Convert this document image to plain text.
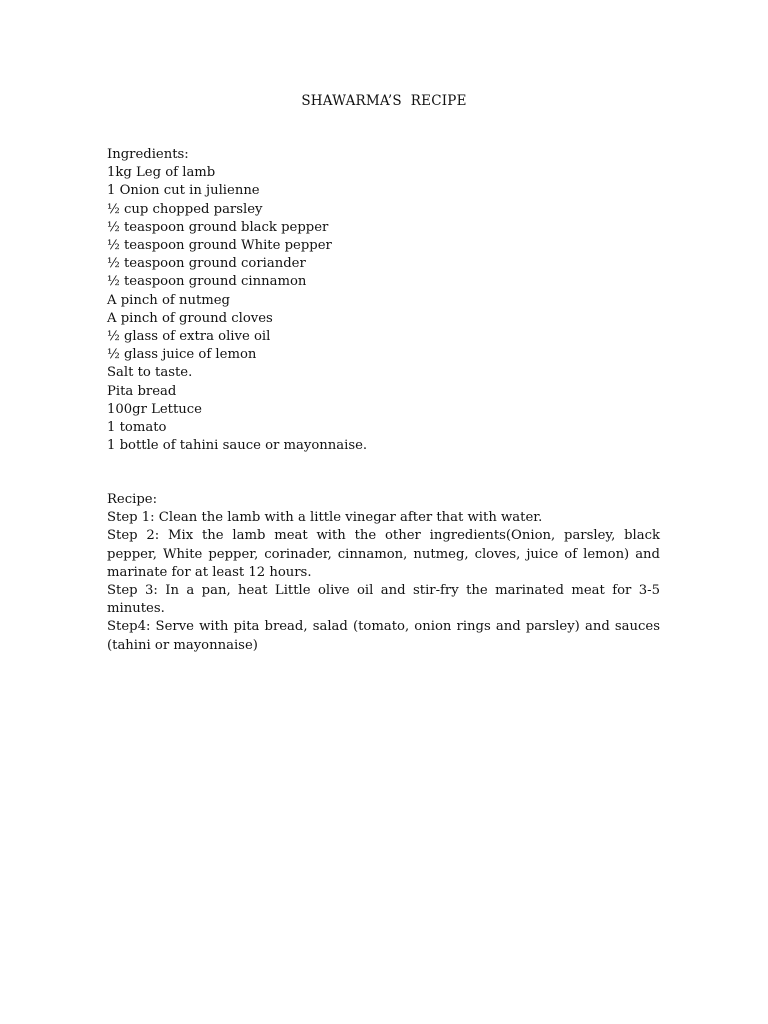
SHAWARMA’S  RECIPE
Ingredients:
1kg Leg of lamb
1 Onion cut in julienne
½ cup chopped parsley
½ teaspoon ground black pepper
½ teaspoon ground White pepper
½ teaspoon ground coriander
½ teaspoon ground cinnamon
A pinch of nutmeg
A pinch of ground cloves
½ glass of extra olive oil
½ glass juice of lemon
Salt to taste.
Pita bread
100gr Lettuce
1 tomato
1 bottle of tahini sauce or mayonnaise.
Recipe:
Step 1: Clean the lamb with a little vinegar after that with water.
Step 2: Mix the lamb meat with the other ingredients(Onion, parsley, black pepper, White pepper, corinader, cinnamon, nutmeg, cloves, juice of lemon) and marinate for at least 12 hours.
Step 3: In a pan, heat Little olive oil and stir-fry the marinated meat for 3-5 minutes.
Step4: Serve with pita bread, salad (tomato, onion rings and parsley) and sauces (tahini or mayonnaise)
